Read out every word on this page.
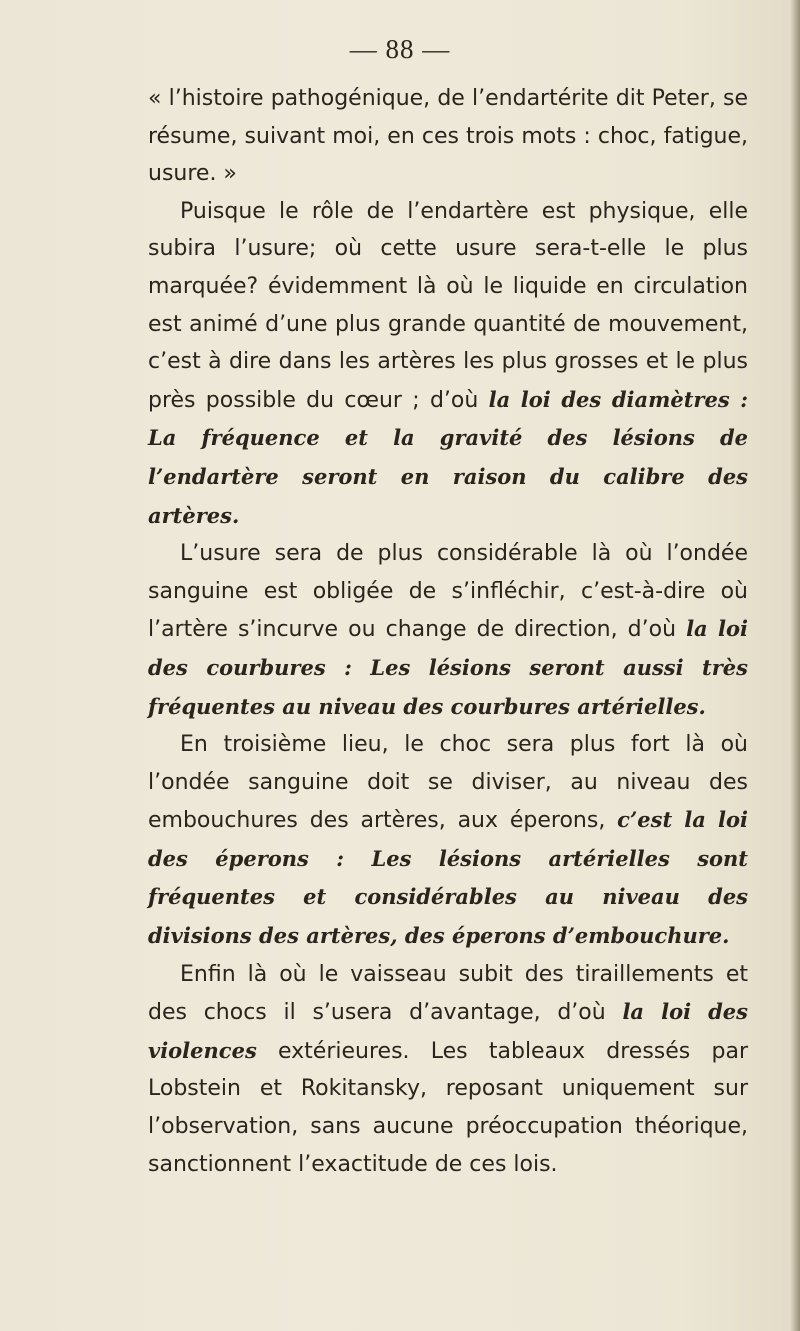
— 88 —

« l’histoire pathogénique, de l’endartérite dit Peter, se résume, suivant moi, en ces trois mots : choc, fatigue, usure. »

Puisque le rôle de l’endartère est physique, elle subira l’usure; où cette usure sera-t-elle le plus marquée? évidemment là où le liquide en circulation est animé d’une plus grande quantité de mouvement, c’est à dire dans les artères les plus grosses et le plus près possible du cœur ; d’où la loi des diamètres : La fréquence et la gravité des lésions de l’endartère seront en raison du calibre des artères.

L’usure sera de plus considérable là où l’ondée sanguine est obligée de s’infléchir, c’est-à-dire où l’artère s’incurve ou change de direction, d’où la loi des courbures : Les lésions seront aussi très fréquentes au niveau des courbures artérielles.

En troisième lieu, le choc sera plus fort là où l’ondée sanguine doit se diviser, au niveau des embouchures des artères, aux éperons, c’est la loi des éperons : Les lésions artérielles sont fréquentes et considérables au niveau des divisions des artères, des éperons d’embouchure.

Enfin là où le vaisseau subit des tiraillements et des chocs il s’usera d’avantage, d’où la loi des violences extérieures. Les tableaux dressés par Lobstein et Rokitansky, reposant uniquement sur l’observation, sans aucune préoccupation théorique, sanctionnent l’exactitude de ces lois.
